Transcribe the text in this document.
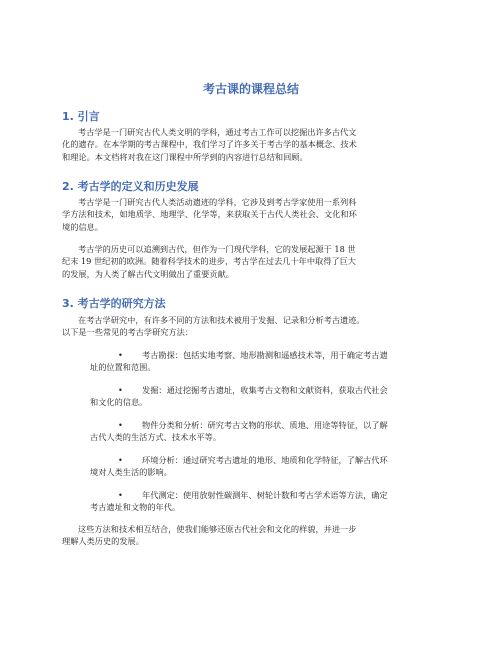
考古课的课程总结
1. 引言
考古学是一门研究古代人类文明的学科，通过考古工作可以挖掘出许多古代文
化的遗存。在本学期的考古课程中，我们学习了许多关于考古学的基本概念、技术
和理论。本文档将对我在这门课程中所学到的内容进行总结和回顾。
2. 考古学的定义和历史发展
考古学是一门研究古代人类活动遗迹的学科，它涉及到考古学家使用一系列科
学方法和技术，如地质学、地理学、化学等，来获取关于古代人类社会、文化和环
境的信息。
考古学的历史可以追溯到古代，但作为一门现代学科，它的发展起源于 18 世
纪末 19 世纪初的欧洲。随着科学技术的进步，考古学在过去几十年中取得了巨大
的发展，为人类了解古代文明做出了重要贡献。
3. 考古学的研究方法
在考古学研究中，有许多不同的方法和技术被用于发掘、记录和分析考古遗迹。
以下是一些常见的考古学研究方法：
• 考古勘探：包括实地考察、地形勘测和遥感技术等，用于确定考古遗
址的位置和范围。
• 发掘：通过挖掘考古遗址，收集考古文物和文献资料，获取古代社会
和文化的信息。
• 物件分类和分析：研究考古文物的形状、质地、用途等特征，以了解
古代人类的生活方式、技术水平等。
• 环境分析：通过研究考古遗址的地形、地质和化学特征，了解古代环
境对人类生活的影响。
• 年代测定：使用放射性碳测年、树轮计数和考古学术语等方法，确定
考古遗址和文物的年代。
这些方法和技术相互结合，使我们能够还原古代社会和文化的样貌，并进一步
理解人类历史的发展。
